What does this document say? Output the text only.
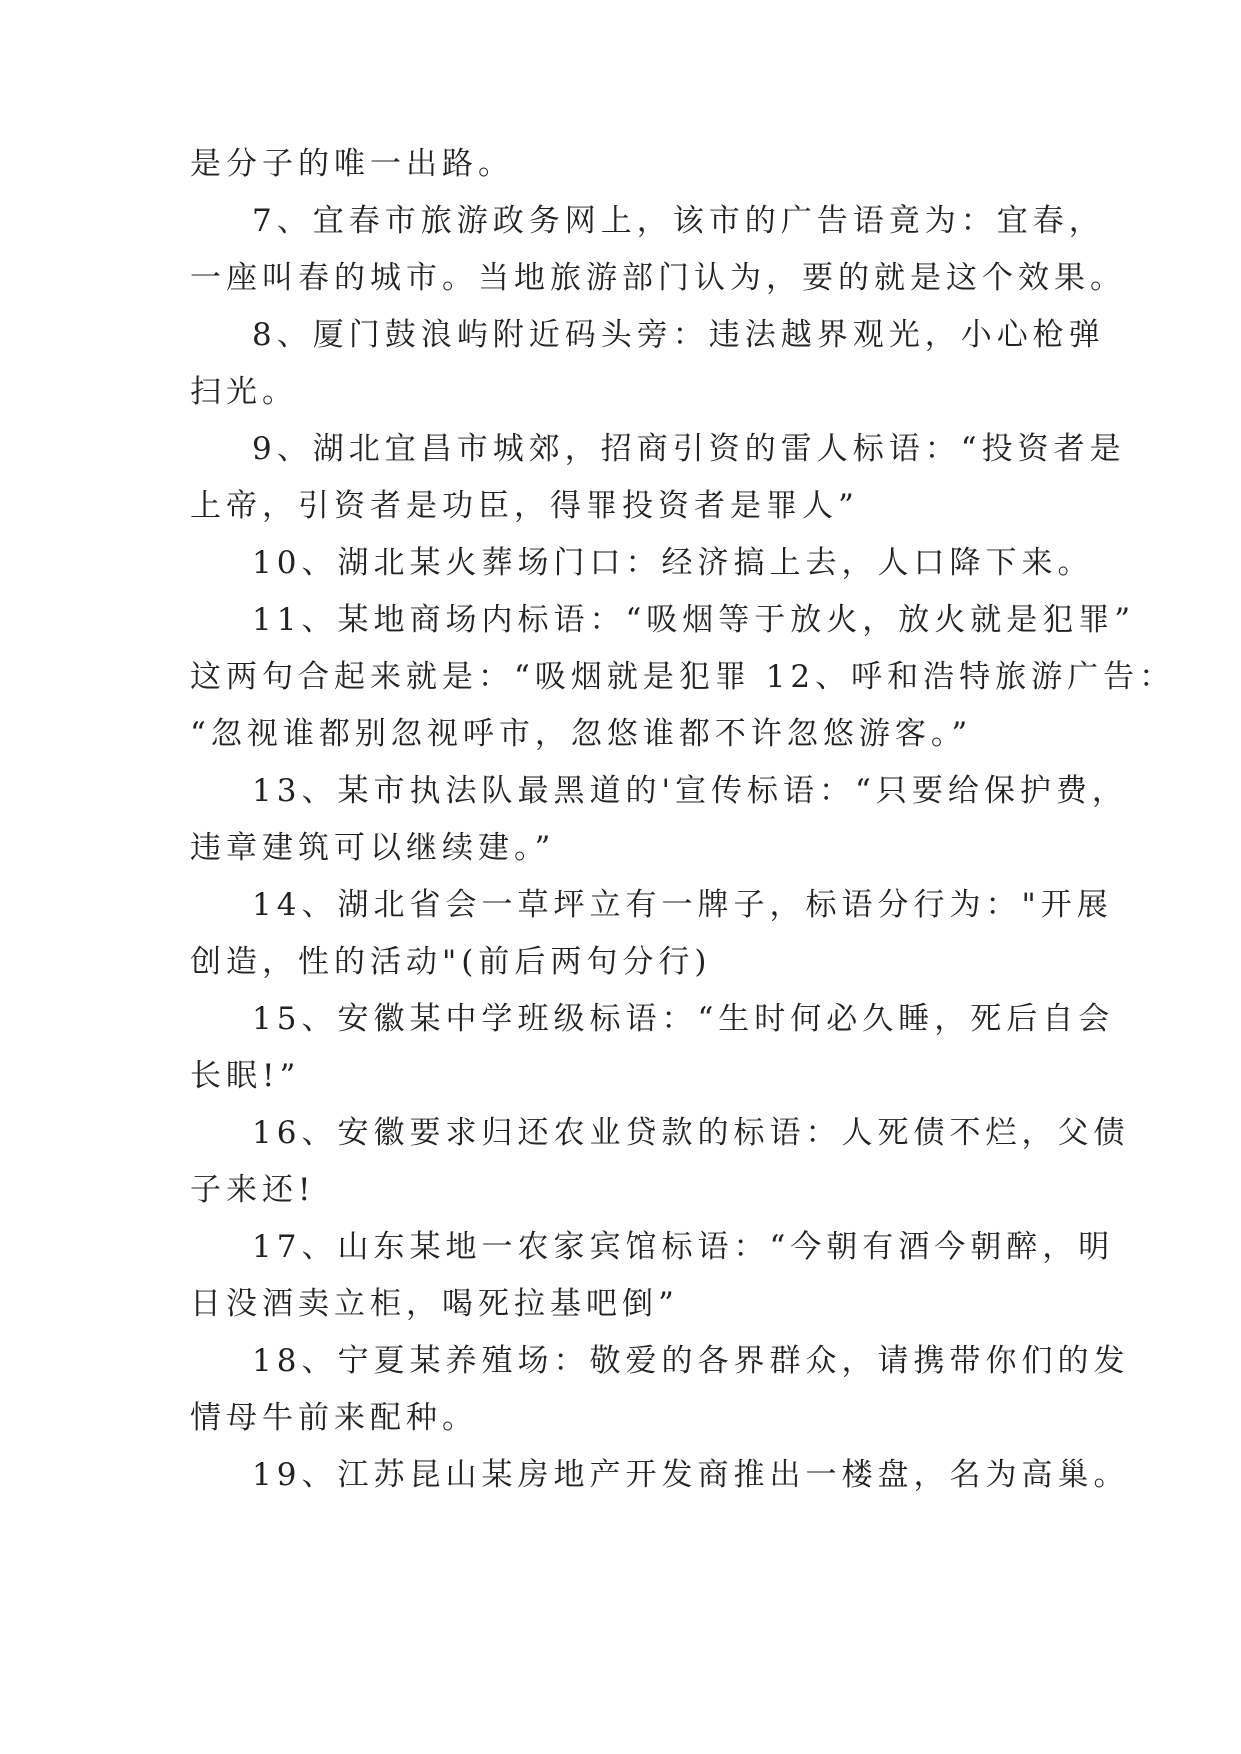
是分子的唯一出路。
7、宜春市旅游政务网上，该市的广告语竟为：宜春，
一座叫春的城市。当地旅游部门认为，要的就是这个效果。
8、厦门鼓浪屿附近码头旁：违法越界观光，小心枪弹
扫光。
9、湖北宜昌市城郊，招商引资的雷人标语：“投资者是
上帝，引资者是功臣，得罪投资者是罪人”
10、湖北某火葬场门口：经济搞上去，人口降下来。
11、某地商场内标语：“吸烟等于放火，放火就是犯罪”
这两句合起来就是：“吸烟就是犯罪 12、呼和浩特旅游广告：
“忽视谁都别忽视呼市，忽悠谁都不许忽悠游客。”
13、某市执法队最黑道的'宣传标语：“只要给保护费，
违章建筑可以继续建。”
14、湖北省会一草坪立有一牌子，标语分行为："开展
创造，性的活动"(前后两句分行)
15、安徽某中学班级标语：“生时何必久睡，死后自会
长眠!”
16、安徽要求归还农业贷款的标语：人死债不烂，父债
子来还!
17、山东某地一农家宾馆标语：“今朝有酒今朝醉，明
日没酒卖立柜，喝死拉基吧倒”
18、宁夏某养殖场：敬爱的各界群众，请携带你们的发
情母牛前来配种。
19、江苏昆山某房地产开发商推出一楼盘，名为高巢。
